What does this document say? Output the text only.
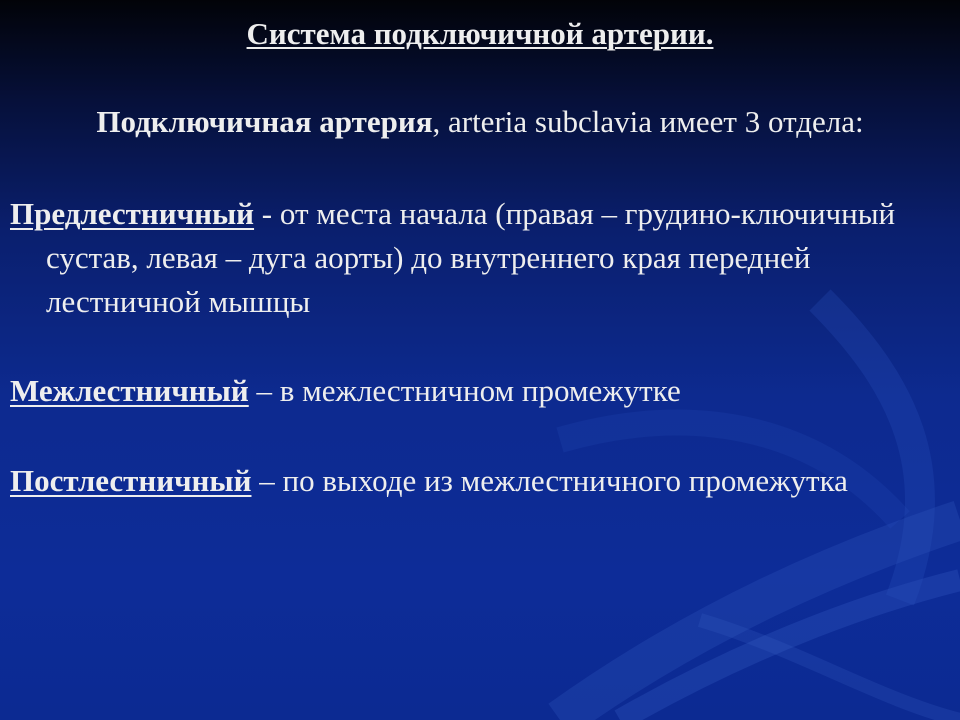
Система подключичной артерии.
Подключичная артерия, arteria subclavia имеет 3 отдела:
Предлестничный - от места начала (правая – грудино-ключичный сустав, левая – дуга аорты) до внутреннего края передней лестничной мышцы
Межлестничный – в межлестничном промежутке
Постлестничный – по выходе из межлестничного промежутка
